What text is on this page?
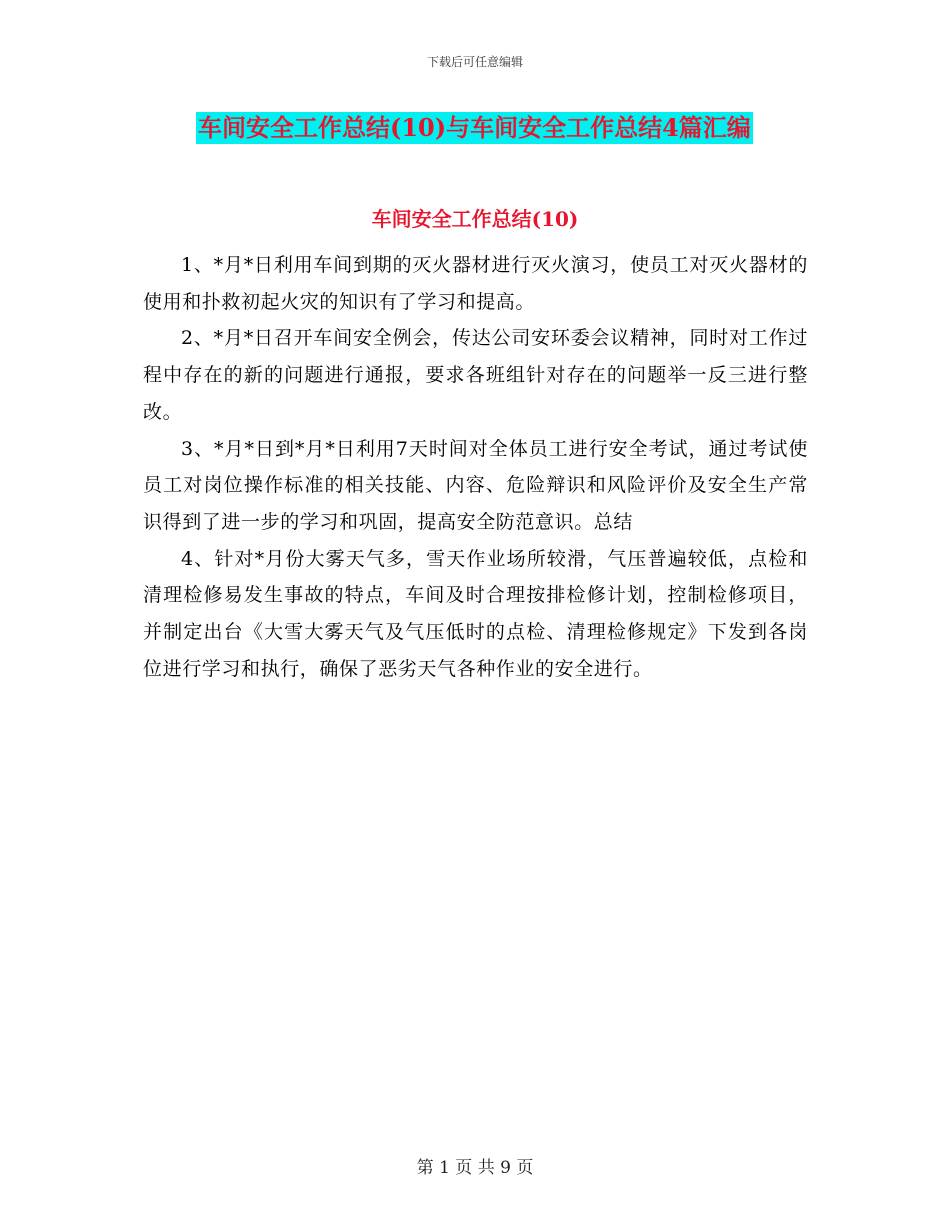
下载后可任意编辑
车间安全工作总结(10)与车间安全工作总结4篇汇编
车间安全工作总结(10)

1、*月*日利用车间到期的灭火器材进行灭火演习，使员工对灭火器材的使用和扑救初起火灾的知识有了学习和提高。

2、*月*日召开车间安全例会，传达公司安环委会议精神，同时对工作过程中存在的新的问题进行通报，要求各班组针对存在的问题举一反三进行整改。

3、*月*日到*月*日利用7天时间对全体员工进行安全考试，通过考试使员工对岗位操作标准的相关技能、内容、危险辩识和风险评价及安全生产常识得到了进一步的学习和巩固，提高安全防范意识。总结

4、针对*月份大雾天气多，雪天作业场所较滑，气压普遍较低，点检和清理检修易发生事故的特点，车间及时合理按排检修计划，控制检修项目，并制定出台《大雪大雾天气及气压低时的点检、清理检修规定》下发到各岗位进行学习和执行，确保了恶劣天气各种作业的安全进行。

第 1 页 共 9 页
